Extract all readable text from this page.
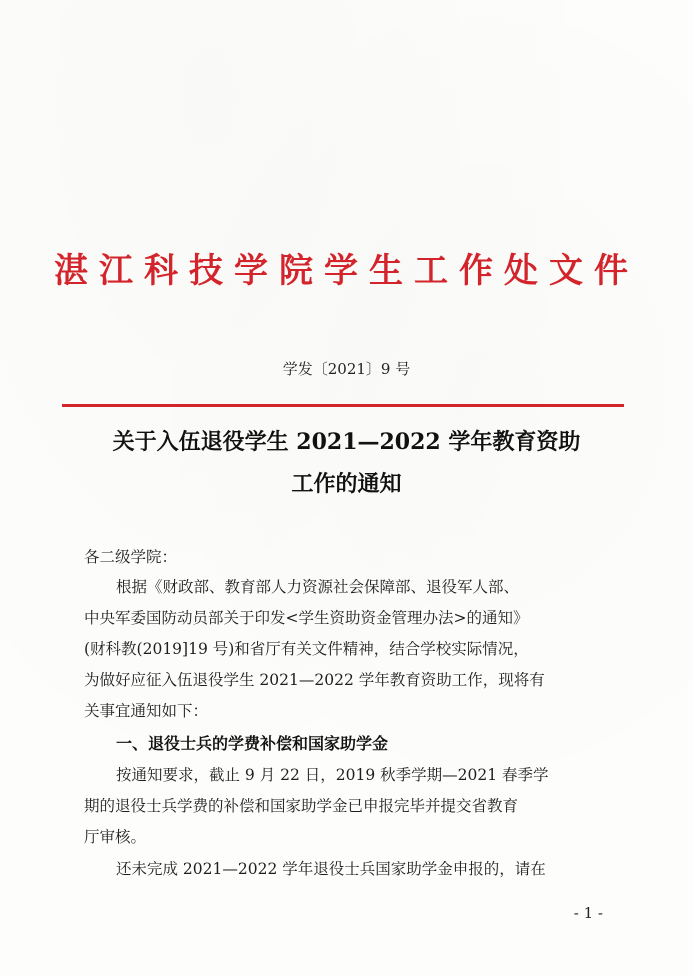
湛江科技学院学生工作处文件
学发〔2021〕9 号
关于入伍退役学生 2021—2022 学年教育资助
工作的通知
各二级学院：
根据《财政部、教育部人力资源社会保障部、退役军人部、
中央军委国防动员部关于印发<学生资助资金管理办法>的通知》
(财科教(2019]19 号)和省厅有关文件精神，结合学校实际情况，
为做好应征入伍退役学生 2021—2022 学年教育资助工作，现将有
关事宜通知如下：
一、退役士兵的学费补偿和国家助学金
按通知要求，截止 9 月 22 日，2019 秋季学期—2021 春季学
期的退役士兵学费的补偿和国家助学金已申报完毕并提交省教育
厅审核。
还未完成 2021—2022 学年退役士兵国家助学金申报的，请在
- 1 -
